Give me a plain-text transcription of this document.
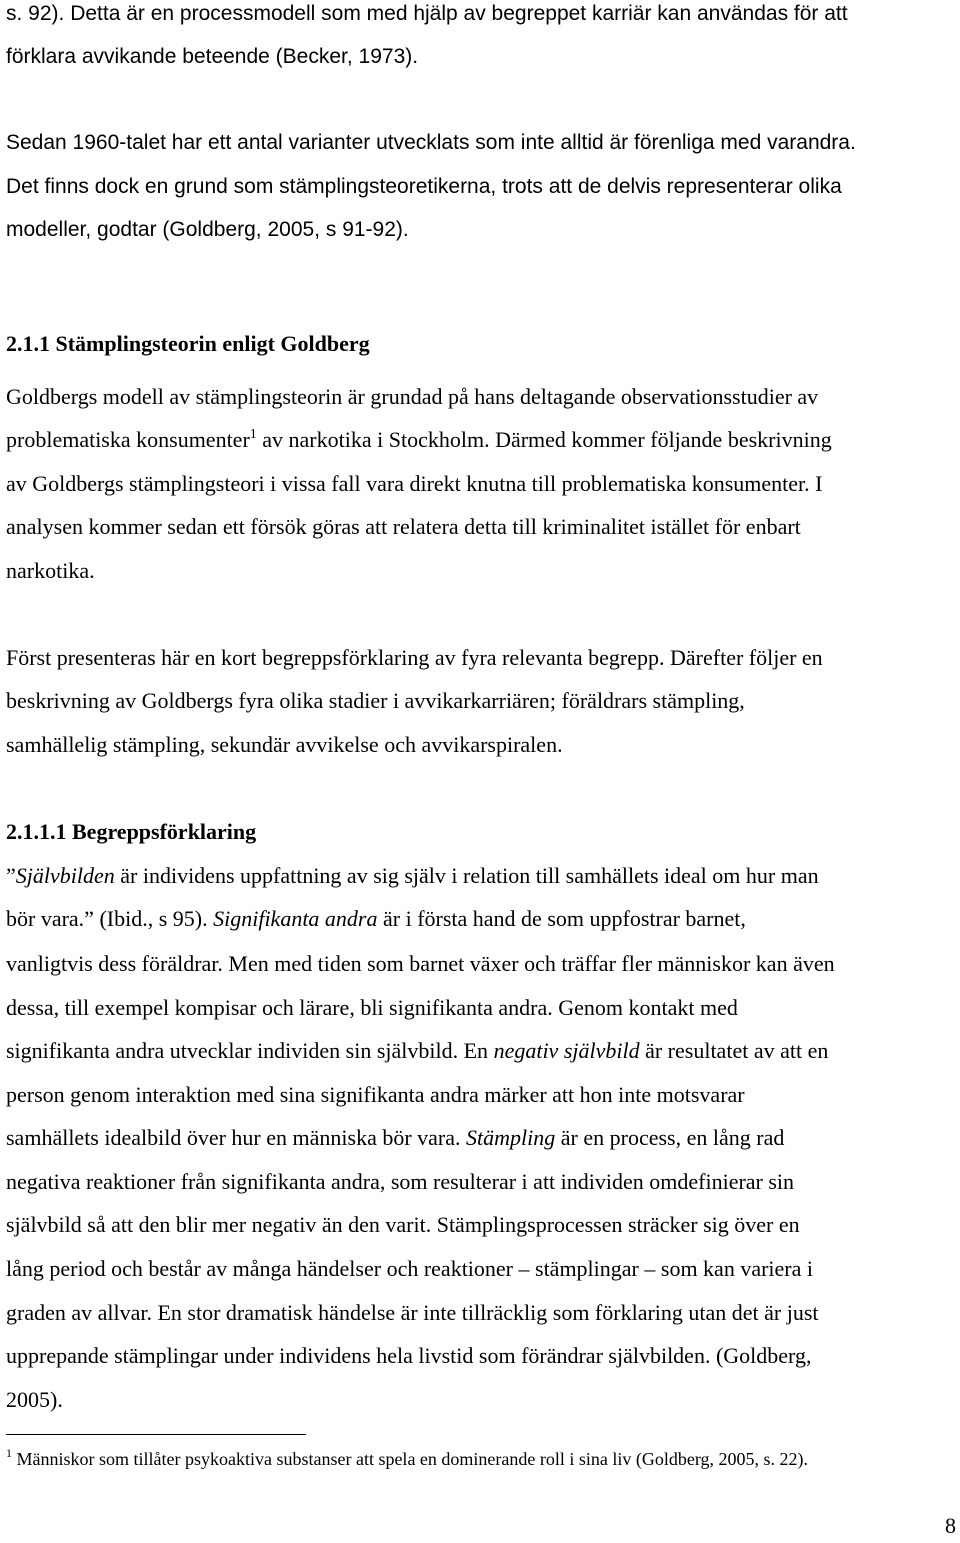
s. 92). Detta är en processmodell som med hjälp av begreppet karriär kan användas för att
förklara avvikande beteende (Becker, 1973).
Sedan 1960-talet har ett antal varianter utvecklats som inte alltid är förenliga med varandra.
Det finns dock en grund som stämplingsteoretikerna, trots att de delvis representerar olika
modeller, godtar (Goldberg, 2005, s 91-92).
2.1.1 Stämplingsteorin enligt Goldberg
Goldbergs modell av stämplingsteorin är grundad på hans deltagande observationsstudier av
problematiska konsumenter$^1$ av narkotika i Stockholm. Därmed kommer följande beskrivning
av Goldbergs stämplingsteori i vissa fall vara direkt knutna till problematiska konsumenter. I
analysen kommer sedan ett försök göras att relatera detta till kriminalitet istället för enbart
narkotika.
Först presenteras här en kort begreppsförklaring av fyra relevanta begrepp. Därefter följer en
beskrivning av Goldbergs fyra olika stadier i avvikarkarriären; föräldrars stämpling,
samhällelig stämpling, sekundär avvikelse och avvikarspiralen.
2.1.1.1 Begreppsförklaring
”Självbilden är individens uppfattning av sig själv i relation till samhällets ideal om hur man
bör vara.” (Ibid., s 95). Signifikanta andra är i första hand de som uppfostrar barnet,
vanligtvis dess föräldrar. Men med tiden som barnet växer och träffar fler människor kan även
dessa, till exempel kompisar och lärare, bli signifikanta andra. Genom kontakt med
signifikanta andra utvecklar individen sin självbild. En negativ självbild är resultatet av att en
person genom interaktion med sina signifikanta andra märker att hon inte motsvarar
samhällets idealbild över hur en människa bör vara. Stämpling är en process, en lång rad
negativa reaktioner från signifikanta andra, som resulterar i att individen omdefinierar sin
självbild så att den blir mer negativ än den varit. Stämplingsprocessen sträcker sig över en
lång period och består av många händelser och reaktioner – stämplingar – som kan variera i
graden av allvar. En stor dramatisk händelse är inte tillräcklig som förklaring utan det är just
upprepande stämplingar under individens hela livstid som förändrar självbilden. (Goldberg,
2005).
$^1$ Människor som tillåter psykoaktiva substanser att spela en dominerande roll i sina liv (Goldberg, 2005, s. 22).
8
